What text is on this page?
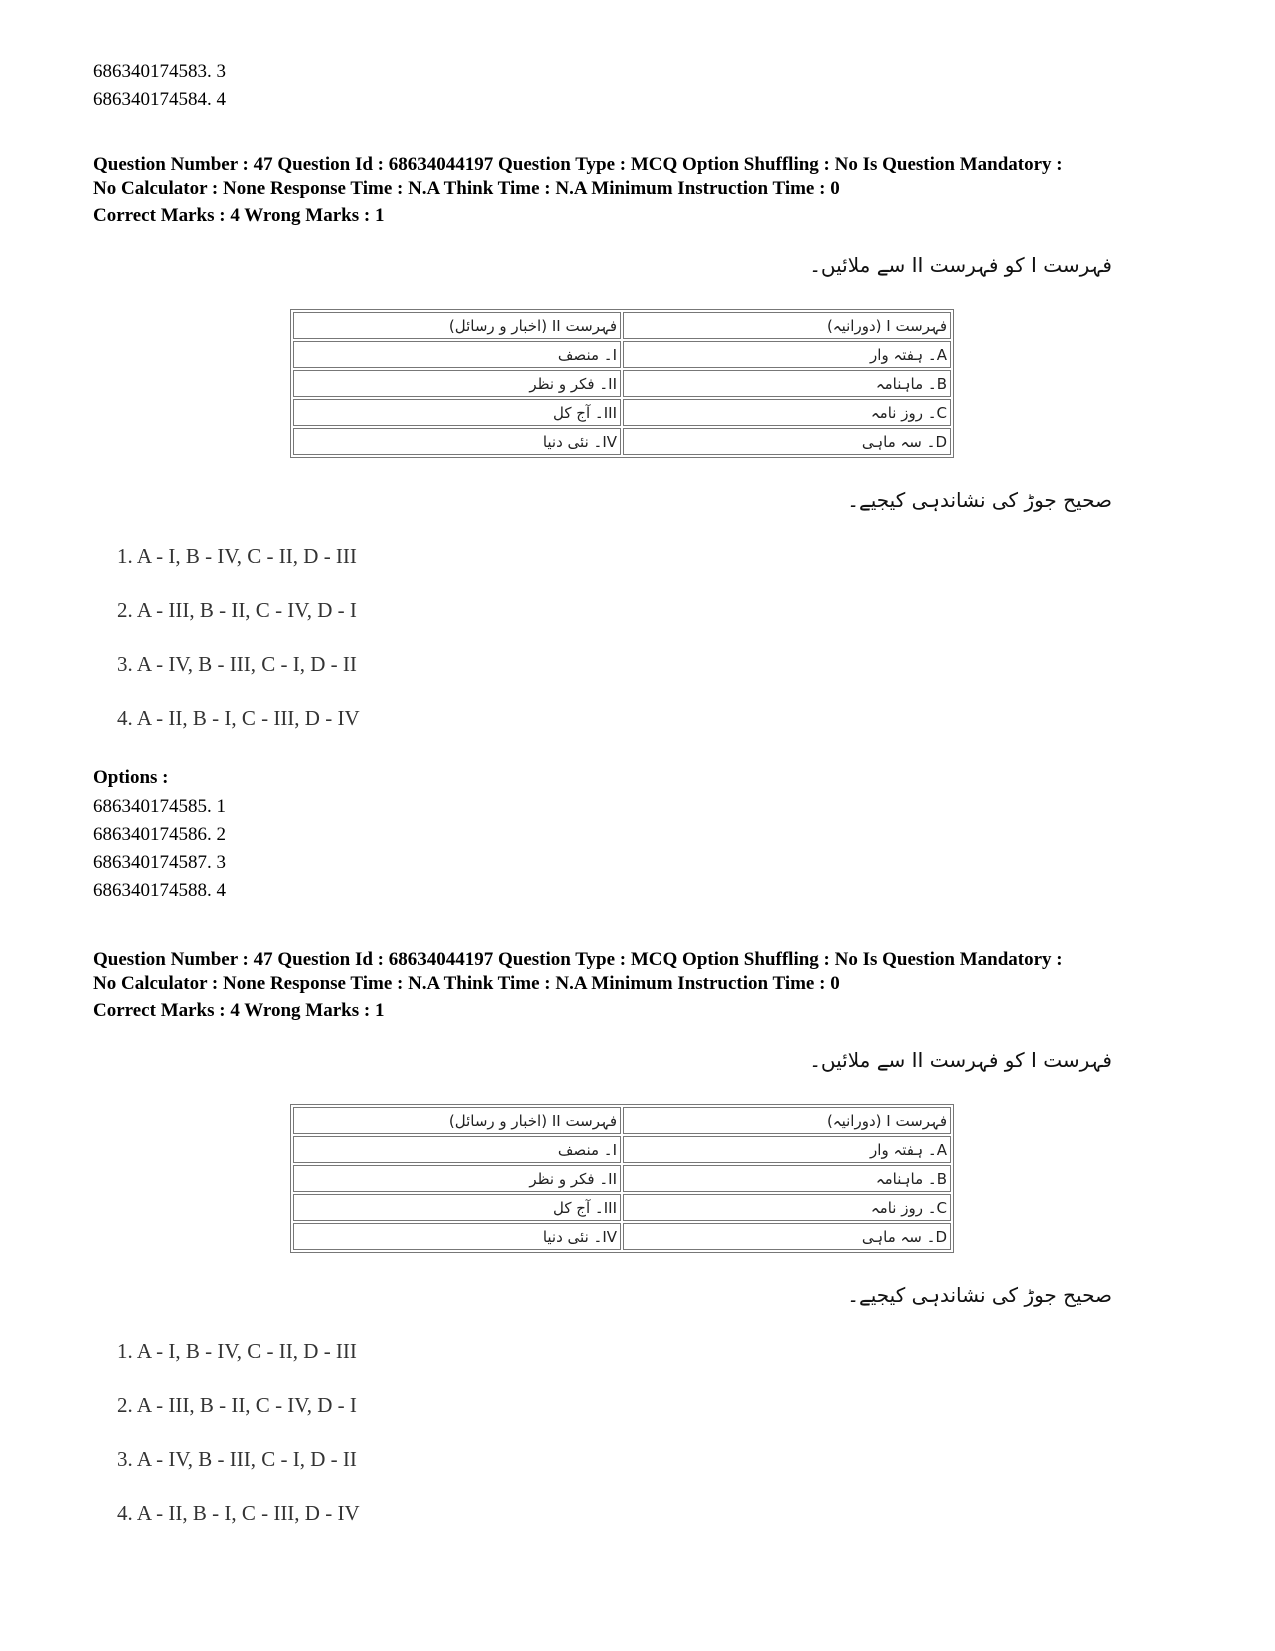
686340174583. 3
686340174584. 4
Question Number : 47 Question Id : 68634044197 Question Type : MCQ Option Shuffling : No Is Question Mandatory :
No Calculator : None Response Time : N.A Think Time : N.A Minimum Instruction Time : 0
Correct Marks : 4 Wrong Marks : 1
فہرست I کو فہرست II سے ملائیں۔
فہرست I (دورانیہ)	فہرست II (اخبار و رسائل)
A۔ ہفتہ وار	I۔ منصف
B۔ ماہنامہ	II۔ فکر و نظر
C۔ روز نامہ	III۔ آج کل
D۔ سہ ماہی	IV۔ نئی دنیا
صحیح جوڑ کی نشاندہی کیجیے۔
1. A - I, B - IV, C - II, D - III
2. A - III, B - II, C - IV, D - I
3. A - IV, B - III, C - I, D - II
4. A - II, B - I, C - III, D - IV
Options :
686340174585. 1
686340174586. 2
686340174587. 3
686340174588. 4
Question Number : 47 Question Id : 68634044197 Question Type : MCQ Option Shuffling : No Is Question Mandatory :
No Calculator : None Response Time : N.A Think Time : N.A Minimum Instruction Time : 0
Correct Marks : 4 Wrong Marks : 1
فہرست I کو فہرست II سے ملائیں۔
فہرست I (دورانیہ)	فہرست II (اخبار و رسائل)
A۔ ہفتہ وار	I۔ منصف
B۔ ماہنامہ	II۔ فکر و نظر
C۔ روز نامہ	III۔ آج کل
D۔ سہ ماہی	IV۔ نئی دنیا
صحیح جوڑ کی نشاندہی کیجیے۔
1. A - I, B - IV, C - II, D - III
2. A - III, B - II, C - IV, D - I
3. A - IV, B - III, C - I, D - II
4. A - II, B - I, C - III, D - IV
